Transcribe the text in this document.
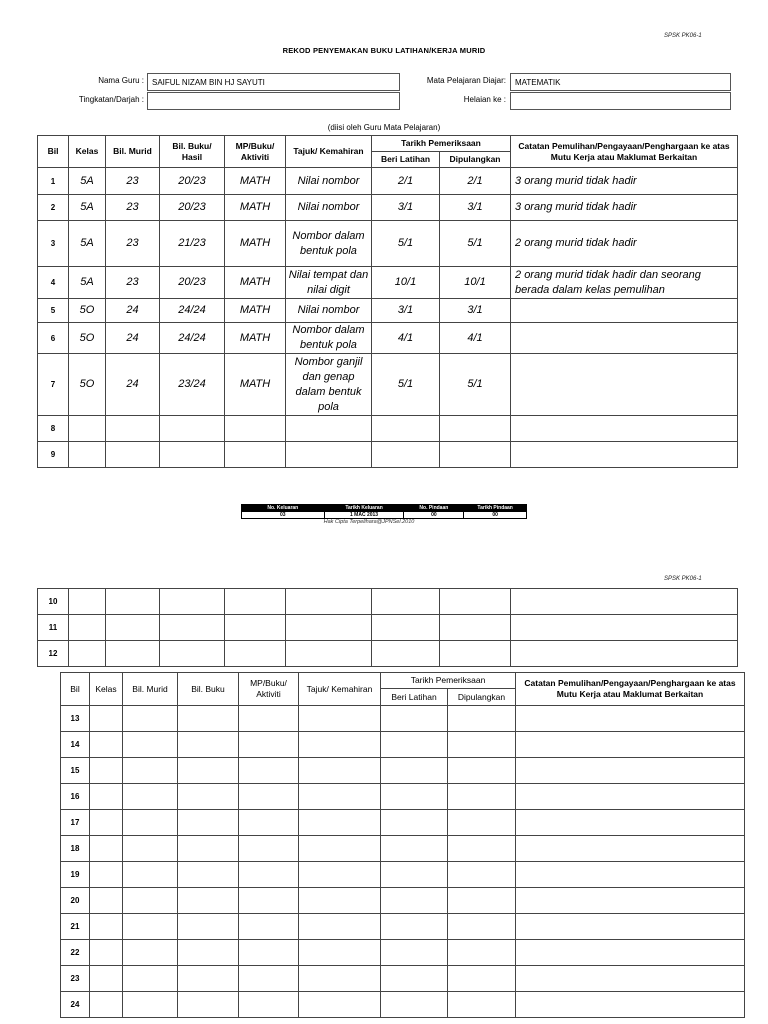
SPSK PK06-1
REKOD PENYEMAKAN BUKU LATIHAN/KERJA MURID
Nama Guru :	SAIFUL NIZAM BIN HJ SAYUTI
Tingkatan/Darjah :
Mata Pelajaran Diajar:	MATEMATIK
Helaian ke :
(diisi oleh Guru Mata Pelajaran)
Bil	Kelas	Bil. Murid	Bil. Buku/ Hasil	MP/Buku/ Aktiviti	Tajuk/ Kemahiran	Tarikh Pemeriksaan		Catatan Pemulihan/Pengayaan/Penghargaan ke atas Mutu Kerja atau Maklumat Berkaitan
						Beri Latihan	Dipulangkan	
1	5A	23	20/23	MATH	Nilai nombor	2/1	2/1	3 orang murid tidak hadir
2	5A	23	20/23	MATH	Nilai nombor	3/1	3/1	3 orang murid tidak hadir
3	5A	23	21/23	MATH	Nombor dalam bentuk pola	5/1	5/1	2 orang murid tidak hadir
4	5A	23	20/23	MATH	Nilai tempat dan nilai digit	10/1	10/1	2 orang murid tidak hadir dan seorang berada dalam kelas pemulihan
5	5O	24	24/24	MATH	Nilai nombor	3/1	3/1	
6	5O	24	24/24	MATH	Nombor dalam bentuk pola	4/1	4/1	
7	5O	24	23/24	MATH	Nombor ganjil dan genap dalam bentuk pola	5/1	5/1	
8								
9								
No. Keluaran	Tarikh Keluaran	No. Pindaan	Tarikh Pindaan
03	1 MAC 2013	00	00
Hak Cipta Terpelihara@JPNSel.2010
SPSK PK06-1
10								
11								
12								
Bil	Kelas	Bil. Murid	Bil. Buku	MP/Buku/ Aktiviti	Tajuk/ Kemahiran	Tarikh Pemeriksaan		Catatan Pemulihan/Pengayaan/Penghargaan ke atas Mutu Kerja atau Maklumat Berkaitan
						Beri Latihan	Dipulangkan	
13								
14								
15								
16								
17								
18								
19								
20								
21								
22								
23								
24								
